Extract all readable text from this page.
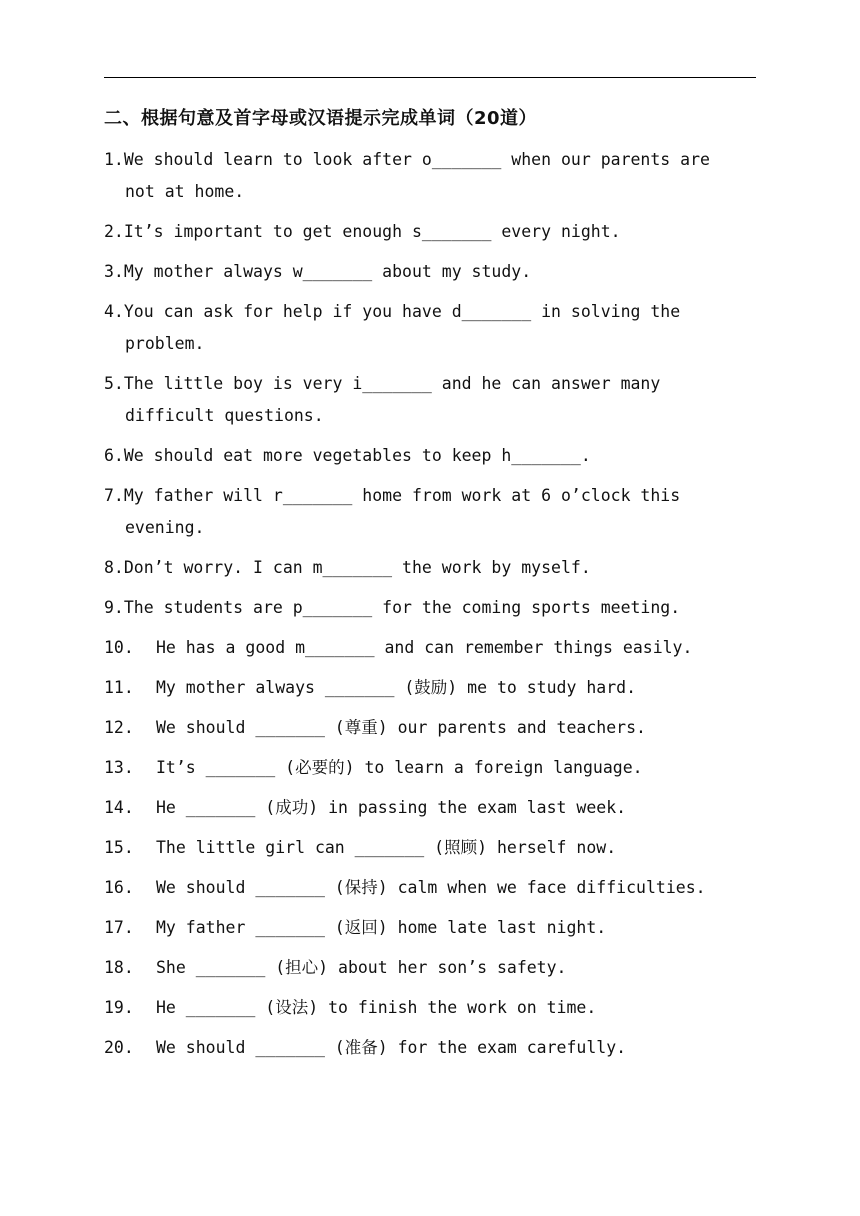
二、根据句意及首字母或汉语提示完成单词（20道）
1.We should learn to look after o_______ when our parents are
not at home.
2.It’s important to get enough s_______ every night.
3.My mother always w_______ about my study.
4.You can ask for help if you have d_______ in solving the
problem.
5.The little boy is very i_______ and he can answer many
difficult questions.
6.We should eat more vegetables to keep h_______.
7.My father will r_______ home from work at 6 o’clock this
evening.
8.Don’t worry. I can m_______ the work by myself.
9.The students are p_______ for the coming sports meeting.
10. He has a good m_______ and can remember things easily.
11. My mother always _______ (鼓励) me to study hard.
12. We should _______ (尊重) our parents and teachers.
13. It’s _______ (必要的) to learn a foreign language.
14. He _______ (成功) in passing the exam last week.
15. The little girl can _______ (照顾) herself now.
16. We should _______ (保持) calm when we face difficulties.
17. My father _______ (返回) home late last night.
18. She _______ (担心) about her son’s safety.
19. He _______ (设法) to finish the work on time.
20. We should _______ (准备) for the exam carefully.
